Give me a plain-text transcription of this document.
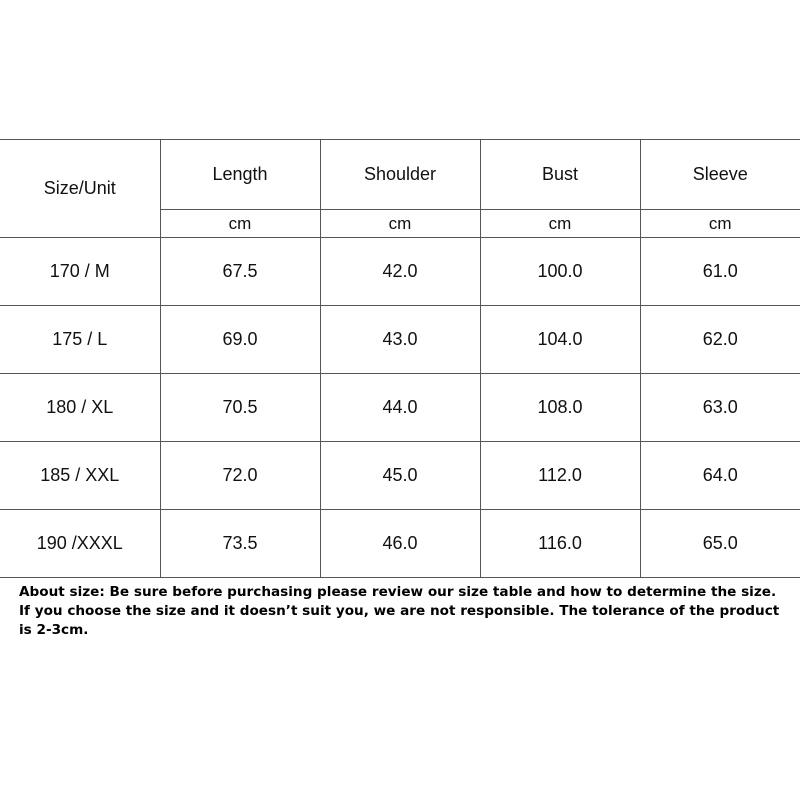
Size/Unit	Length	Shoulder	Bust	Sleeve
	cm	cm	cm	cm
170 / M	67.5	42.0	100.0	61.0
175 / L	69.0	43.0	104.0	62.0
180 / XL	70.5	44.0	108.0	63.0
185 / XXL	72.0	45.0	112.0	64.0
190 /XXXL	73.5	46.0	116.0	65.0

About size: Be sure before purchasing please review our size table and how to determine the size. If you choose the size and it doesn’t suit you, we are not responsible. The tolerance of the product is 2-3cm.
